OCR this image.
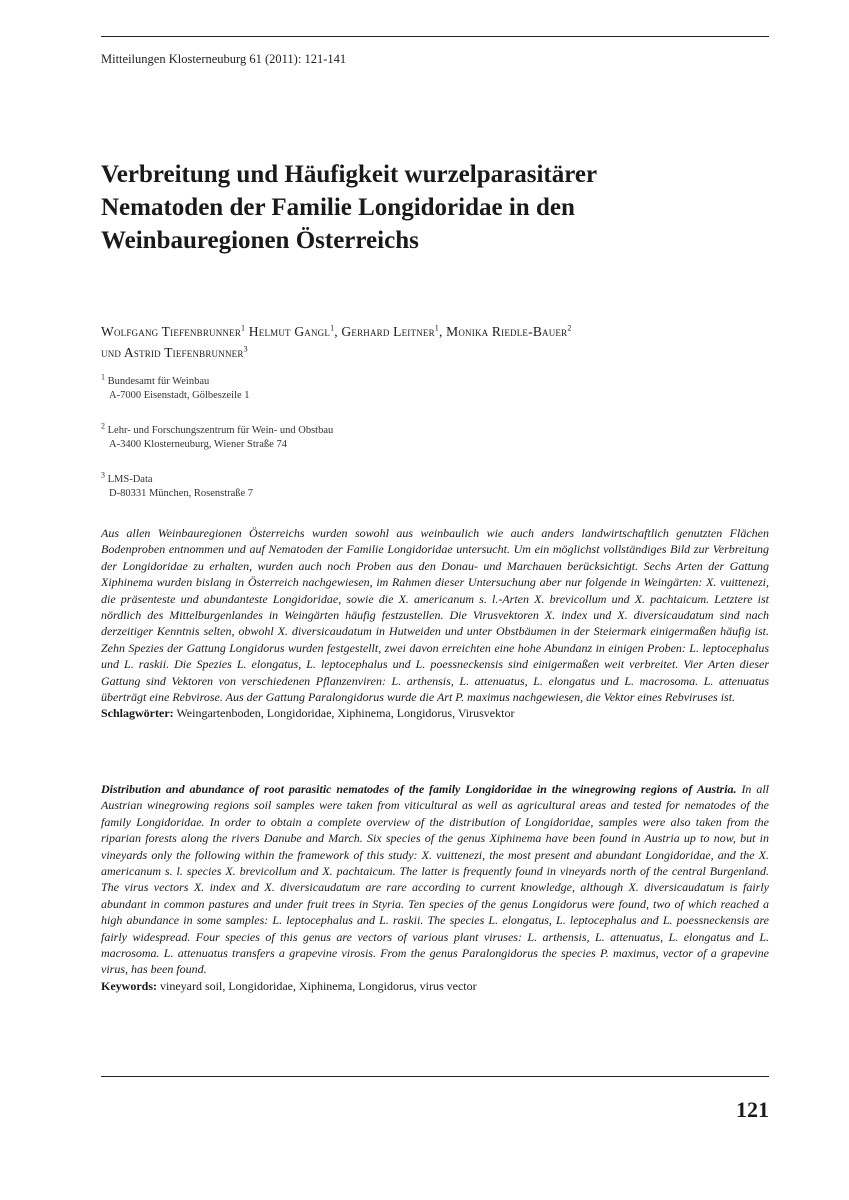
Mitteilungen Klosterneuburg 61 (2011): 121-141
Verbreitung und Häufigkeit wurzelparasitärer
Nematoden der Familie Longidoridae in den
Weinbauregionen Österreichs
Wolfgang Tiefenbrunner$^1$ Helmut Gangl$^1$, Gerhard Leitner$^1$, Monika Riedle-Bauer$^2$
und Astrid Tiefenbrunner$^3$
$^1$ Bundesamt für Weinbau
A-7000 Eisenstadt, Gölbeszeile 1
$^2$ Lehr- und Forschungszentrum für Wein- und Obstbau
A-3400 Klosterneuburg, Wiener Straße 74
$^3$ LMS-Data
D-80331 München, Rosenstraße 7
Aus allen Weinbauregionen Österreichs wurden sowohl aus weinbaulich wie auch anders landwirtschaftlich genutzten Flächen Bodenproben entnommen und auf Nematoden der Familie Longidoridae untersucht. Um ein möglichst vollständiges Bild zur Verbreitung der Longidoridae zu erhalten, wurden auch noch Proben aus den Donau- und Marchauen berücksichtigt. Sechs Arten der Gattung Xiphinema wurden bislang in Österreich nachgewiesen, im Rahmen dieser Untersuchung aber nur folgende in Weingärten: X. vuittenezi, die präsenteste und abundanteste Longidoridae, sowie die X. americanum s. l.-Arten X. brevicollum und X. pachtaicum. Letztere ist nördlich des Mittelburgenlandes in Weingärten häufig festzustellen. Die Virusvektoren X. index und X. diversicaudatum sind nach derzeitiger Kenntnis selten, obwohl X. diversicaudatum in Hutweiden und unter Obstbäumen in der Steiermark einigermaßen häufig ist. Zehn Spezies der Gattung Longidorus wurden festgestellt, zwei davon erreichten eine hohe Abundanz in einigen Proben: L. leptocephalus und L. raskii. Die Spezies L. elongatus, L. leptocephalus und L. poessneckensis sind einigermaßen weit verbreitet. Vier Arten dieser Gattung sind Vektoren von verschiedenen Pflanzenviren: L. arthensis, L. attenuatus, L. elongatus und L. macrosoma. L. attenuatus überträgt eine Rebvirose. Aus der Gattung Paralongidorus wurde die Art P. maximus nachgewiesen, die Vektor eines Rebviruses ist.
Schlagwörter: Weingartenboden, Longidoridae, Xiphinema, Longidorus, Virusvektor
Distribution and abundance of root parasitic nematodes of the family Longidoridae in the winegrowing regions of Austria. In all Austrian winegrowing regions soil samples were taken from viticultural as well as agricultural areas and tested for nematodes of the family Longidoridae. In order to obtain a complete overview of the distribution of Longidoridae, samples were also taken from the riparian forests along the rivers Danube and March. Six species of the genus Xiphinema have been found in Austria up to now, but in vineyards only the following within the framework of this study: X. vuittenezi, the most present and abundant Longidoridae, and the X. americanum s. l. species X. brevicollum and X. pachtaicum. The latter is frequently found in vineyards north of the central Burgenland. The virus vectors X. index and X. diversicaudatum are rare according to current knowledge, although X. diversicaudatum is fairly abundant in common pastures and under fruit trees in Styria. Ten species of the genus Longidorus were found, two of which reached a high abundance in some samples: L. leptocephalus and L. raskii. The species L. elongatus, L. leptocephalus and L. poessneckensis are fairly widespread. Four species of this genus are vectors of various plant viruses: L. arthensis, L. attenuatus, L. elongatus and L. macrosoma. L. attenuatus transfers a grapevine virosis. From the genus Paralongidorus the species P. maximus, vector of a grapevine virus, has been found.
Keywords: vineyard soil, Longidoridae, Xiphinema, Longidorus, virus vector
121
